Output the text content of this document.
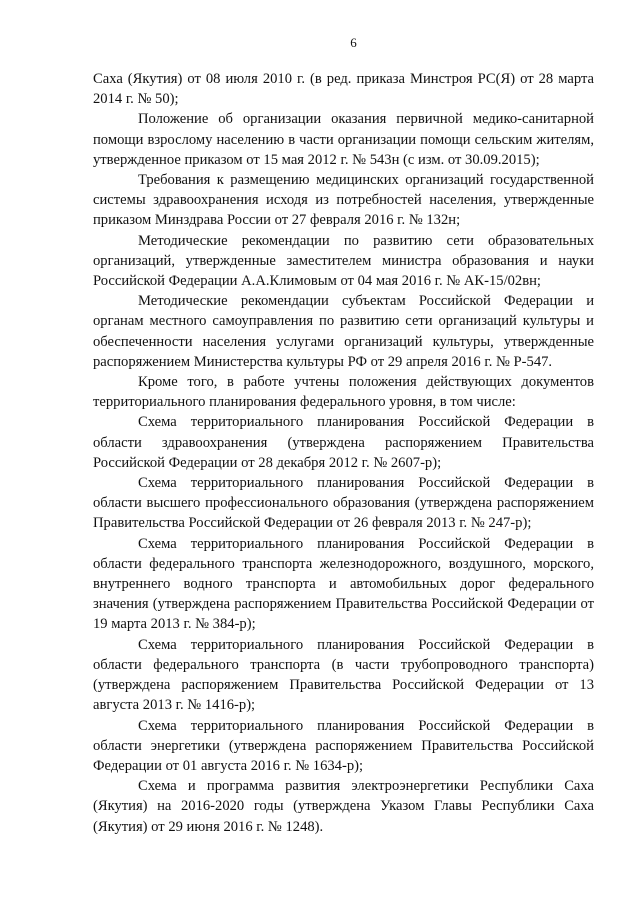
6

Саха (Якутия) от 08 июля 2010 г. (в ред. приказа Минстроя РС(Я) от 28 марта 2014 г. № 50);

Положение об организации оказания первичной медико-санитарной помощи взрослому населению в части организации помощи сельским жителям, утвержденное приказом от 15 мая 2012 г. № 543н (с изм. от 30.09.2015);

Требования к размещению медицинских организаций государственной системы здравоохранения исходя из потребностей населения, утвержденные приказом Минздрава России от 27 февраля 2016 г. № 132н;

Методические рекомендации по развитию сети образовательных организаций, утвержденные заместителем министра образования и науки Российской Федерации А.А.Климовым от 04 мая 2016 г. № АК-15/02вн;

Методические рекомендации субъектам Российской Федерации и органам местного самоуправления по развитию сети организаций культуры и обеспеченности населения услугами организаций культуры, утвержденные распоряжением Министерства культуры РФ от 29 апреля 2016 г. № Р-547.

Кроме того, в работе учтены положения действующих документов территориального планирования федерального уровня, в том числе:

Схема территориального планирования Российской Федерации в области здравоохранения (утверждена распоряжением Правительства Российской Федерации от 28 декабря 2012 г. № 2607-р);

Схема территориального планирования Российской Федерации в области высшего профессионального образования (утверждена распоряжением Правительства Российской Федерации от 26 февраля 2013 г. № 247-р);

Схема территориального планирования Российской Федерации в области федерального транспорта железнодорожного, воздушного, морского, внутреннего водного транспорта и автомобильных дорог федерального значения (утверждена распоряжением Правительства Российской Федерации от 19 марта 2013 г. № 384-р);

Схема территориального планирования Российской Федерации в области федерального транспорта (в части трубопроводного транспорта) (утверждена распоряжением Правительства Российской Федерации от 13 августа 2013 г. № 1416-р);

Схема территориального планирования Российской Федерации в области энергетики (утверждена распоряжением Правительства Российской Федерации от 01 августа 2016 г. № 1634-р);

Схема и программа развития электроэнергетики Республики Саха (Якутия) на 2016-2020 годы (утверждена Указом Главы Республики Саха (Якутия) от 29 июня 2016 г. № 1248).
